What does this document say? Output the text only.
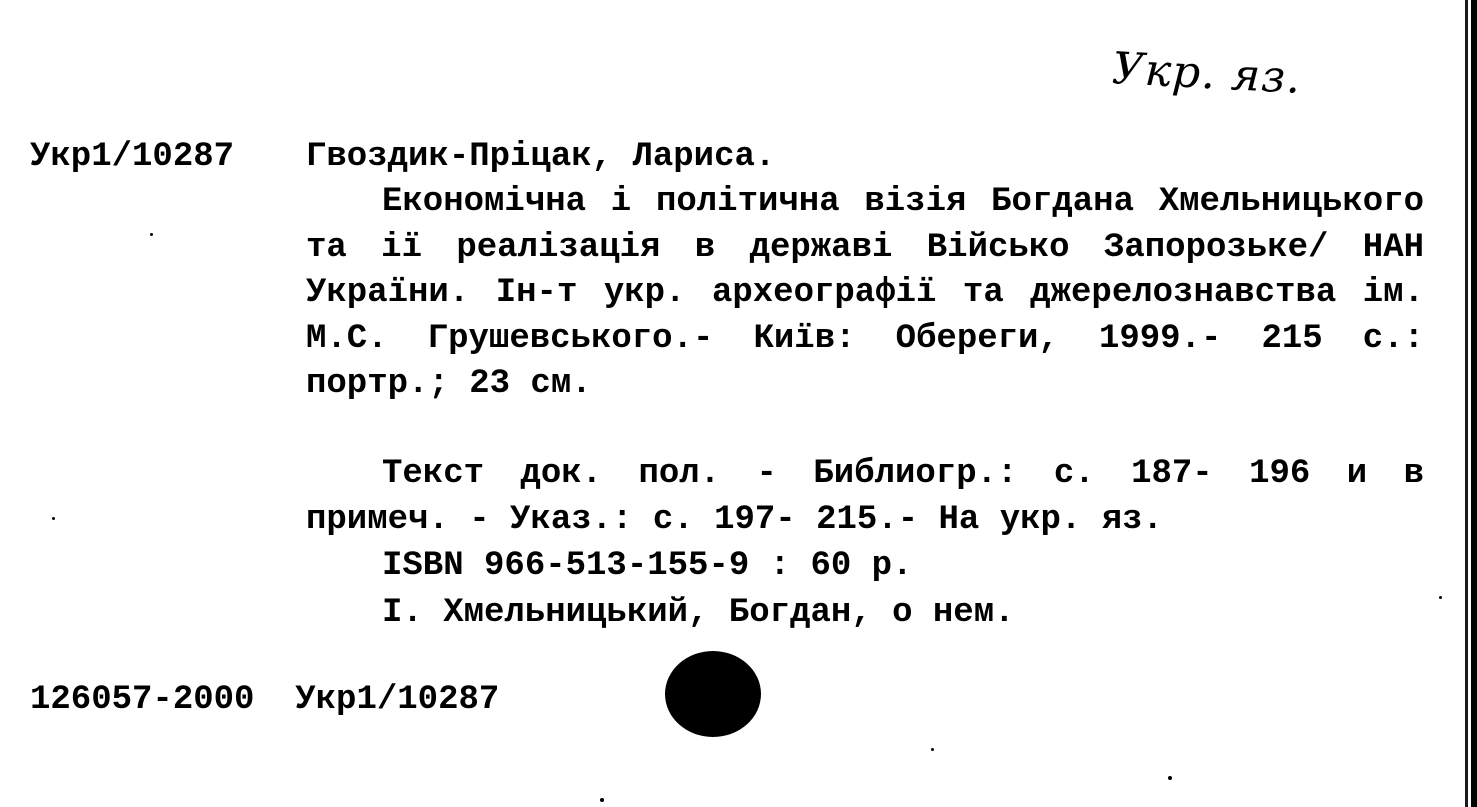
Укр. яз.
Укр1/10287 Гвоздик-Пріцак, Лариса.
Економічна і політична візія Богдана Хмельницького та ії реалізація в державі Військо Запорозьке/ НАН України. Ін-т укр. археографії та джерелознавства ім. М.С. Грушевського.- Київ: Обереги, 1999.- 215 с.: портр.; 23 см.
Текст док. пол. - Библиогр.: с. 187- 196 и в примеч. - Указ.: с. 197- 215.- На укр. яз.
ISBN 966-513-155-9 : 60 р.
I. Хмельницький, Богдан, о нем.
126057-2000 Укр1/10287
